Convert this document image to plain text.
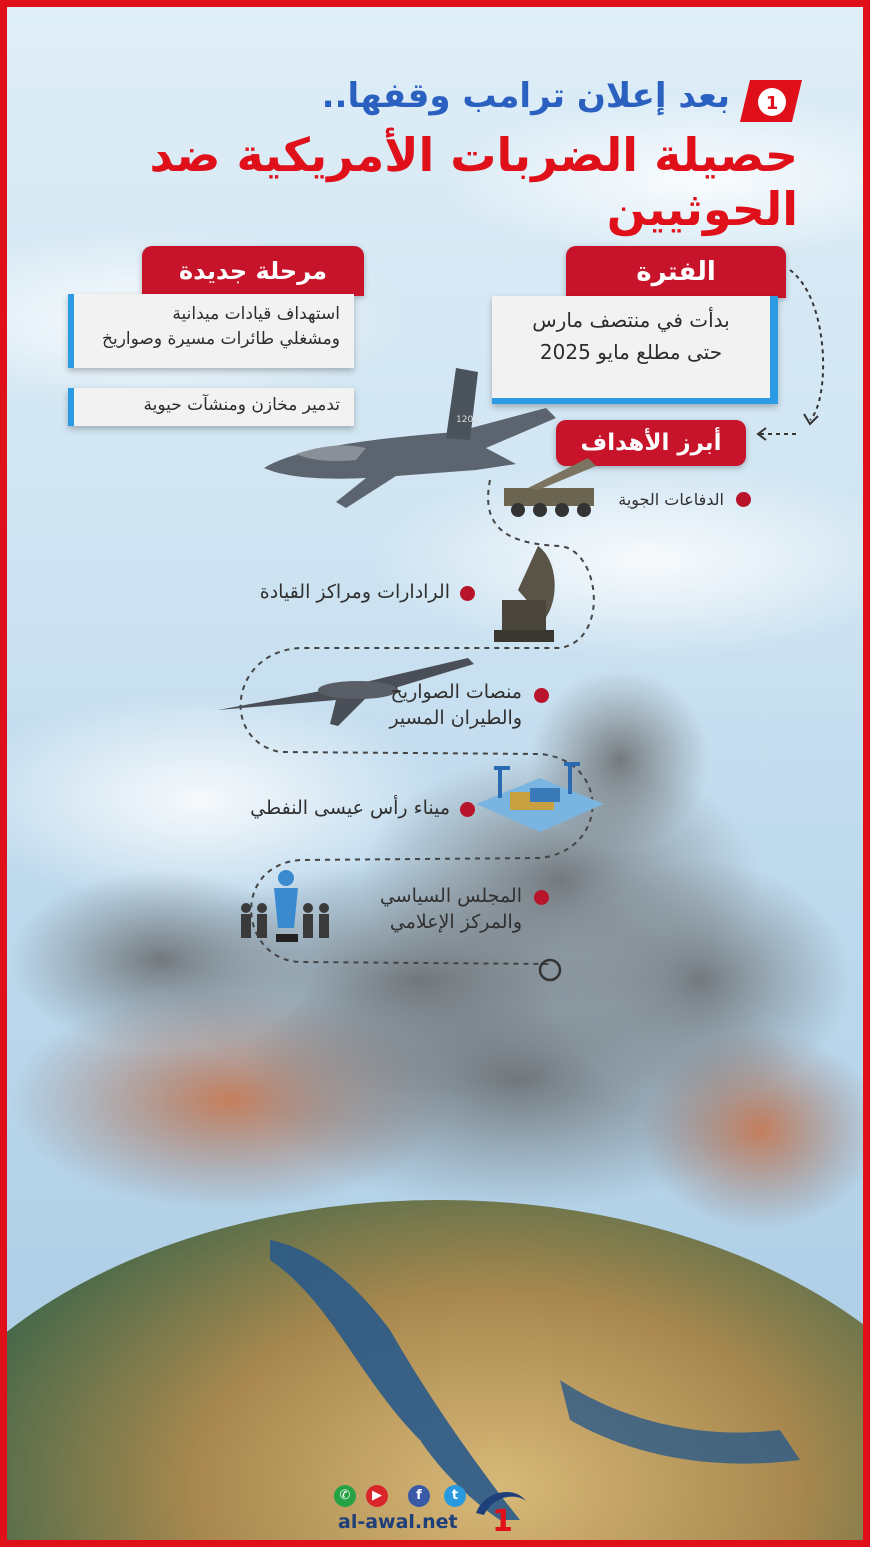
1
بعد إعلان ترامب وقفها..
حصيلة الضربات الأمريكية ضد الحوثيين
الفترة
بدأت في منتصف مارس
حتى مطلع مايو 2025
مرحلة جديدة
استهداف قيادات ميدانية
ومشغلي طائرات مسيرة وصواريخ
تدمير مخازن ومنشآت حيوية
أبرز الأهداف
1202
الدفاعات الجوية
الرادارات ومراكز القيادة
منصات الصواريخ
والطيران المسير
ميناء رأس عيسى النفطي
المجلس السياسي
والمركز الإعلامي
✆	▶	f	t
al-awal.net 1
